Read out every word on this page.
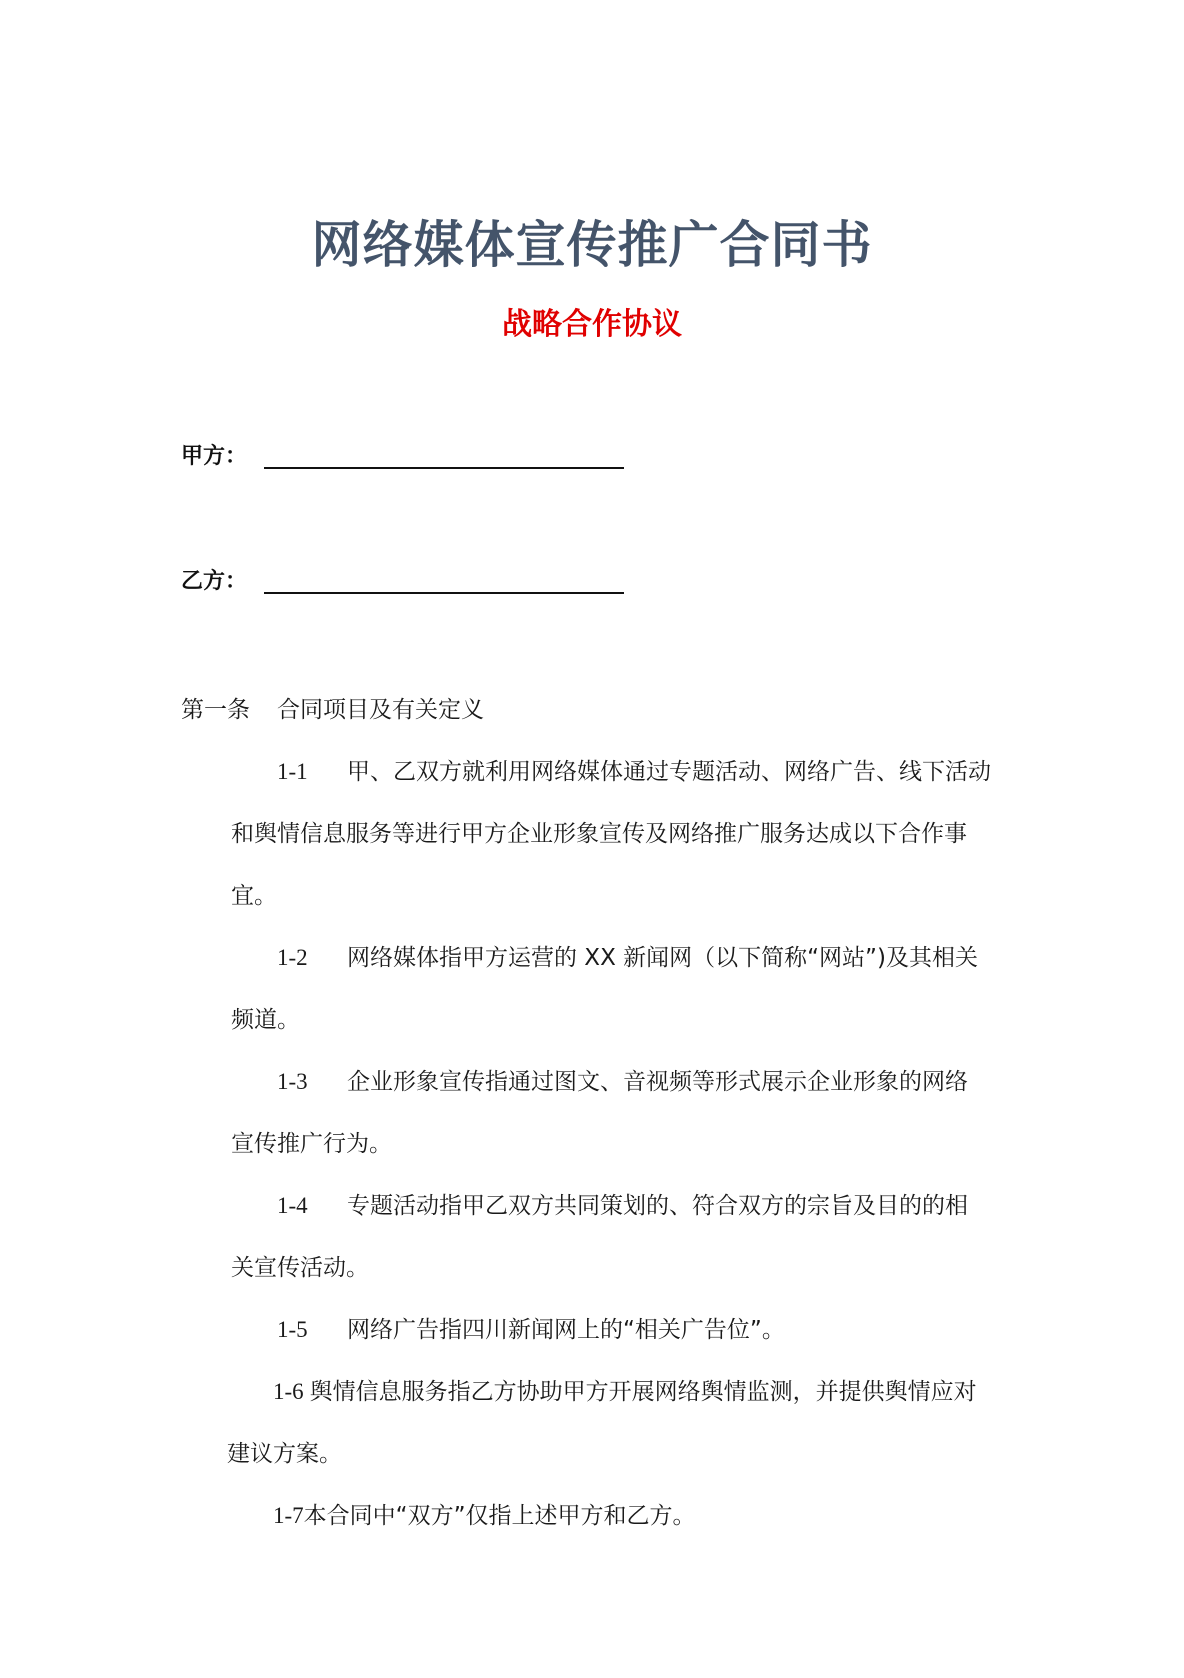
网络媒体宣传推广合同书
战略合作协议
甲方：
乙方：
第一条 合同项目及有关定义
1-1 甲、乙双方就利用网络媒体通过专题活动、网络广告、线下活动
和舆情信息服务等进行甲方企业形象宣传及网络推广服务达成以下合作事
宜。
1-2 网络媒体指甲方运营的 XX 新闻网（以下简称“网站”)及其相关
频道。
1-3 企业形象宣传指通过图文、音视频等形式展示企业形象的网络
宣传推广行为。
1-4 专题活动指甲乙双方共同策划的、符合双方的宗旨及目的的相
关宣传活动。
1-5 网络广告指四川新闻网上的“相关广告位”。
1-6 舆情信息服务指乙方协助甲方开展网络舆情监测，并提供舆情应对
建议方案。
1-7本合同中“双方”仅指上述甲方和乙方。
